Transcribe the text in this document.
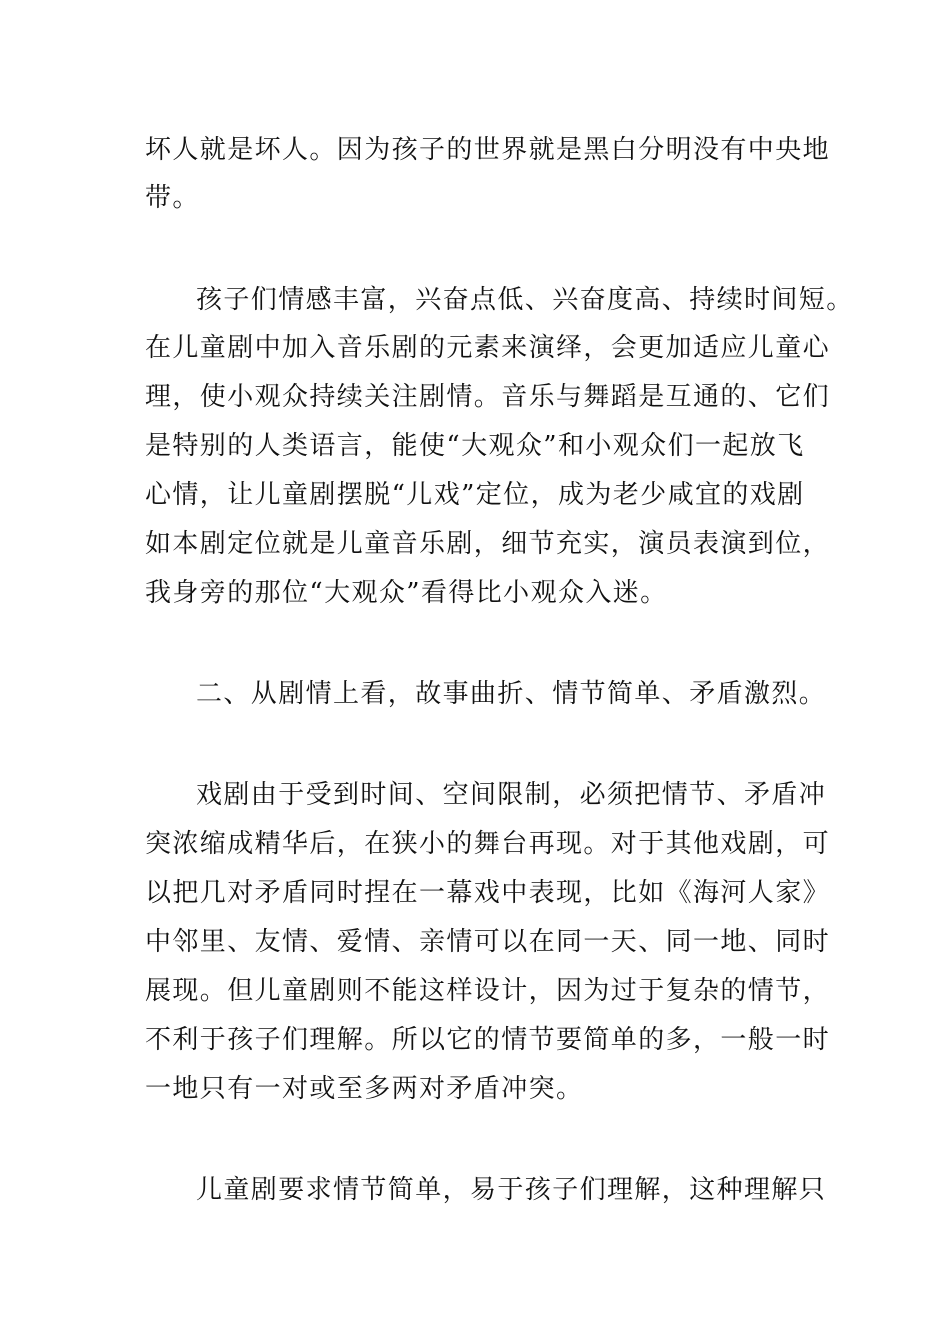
坏人就是坏人。因为孩子的世界就是黑白分明没有中央地

带。

孩子们情感丰富，兴奋点低、兴奋度高、持续时间短。

在儿童剧中加入音乐剧的元素来演绎，会更加适应儿童心

理，使小观众持续关注剧情。音乐与舞蹈是互通的、它们

是特别的人类语言，能使“大观众”和小观众们一起放飞

心情，让儿童剧摆脱“儿戏”定位，成为老少咸宜的戏剧

如本剧定位就是儿童音乐剧，细节充实，演员表演到位，

我身旁的那位“大观众”看得比小观众入迷。

二、从剧情上看，故事曲折、情节简单、矛盾激烈。

戏剧由于受到时间、空间限制，必须把情节、矛盾冲

突浓缩成精华后，在狭小的舞台再现。对于其他戏剧，可

以把几对矛盾同时捏在一幕戏中表现，比如《海河人家》

中邻里、友情、爱情、亲情可以在同一天、同一地、同时

展现。但儿童剧则不能这样设计，因为过于复杂的情节，

不利于孩子们理解。所以它的情节要简单的多，一般一时

一地只有一对或至多两对矛盾冲突。

儿童剧要求情节简单，易于孩子们理解，这种理解只
